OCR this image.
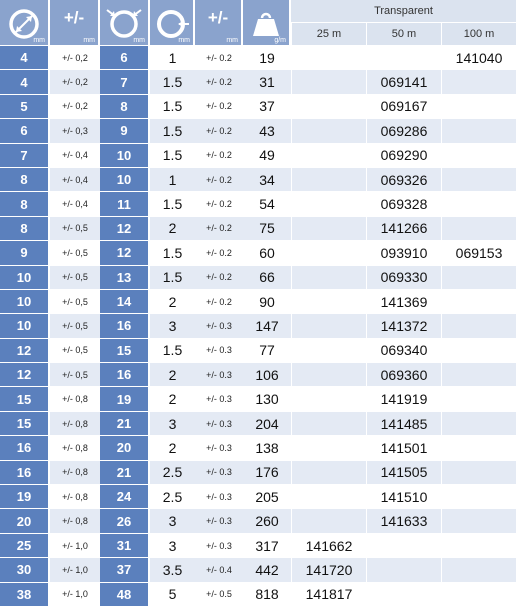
mm	+/-
mm	mm	mm	+/-
mm	g/m	Transparent		
						25 m	50 m	100 m
4	+/- 0,2	6	1	+/- 0.2	19			141040
4	+/- 0,2	7	1.5	+/- 0.2	31		069141	
5	+/- 0,2	8	1.5	+/- 0.2	37		069167	
6	+/- 0,3	9	1.5	+/- 0.2	43		069286	
7	+/- 0,4	10	1.5	+/- 0.2	49		069290	
8	+/- 0,4	10	1	+/- 0.2	34		069326	
8	+/- 0,4	11	1.5	+/- 0.2	54		069328	
8	+/- 0,5	12	2	+/- 0.2	75		141266	
9	+/- 0,5	12	1.5	+/- 0.2	60		093910	069153
10	+/- 0,5	13	1.5	+/- 0.2	66		069330	
10	+/- 0,5	14	2	+/- 0.2	90		141369	
10	+/- 0,5	16	3	+/- 0.3	147		141372	
12	+/- 0,5	15	1.5	+/- 0.3	77		069340	
12	+/- 0,5	16	2	+/- 0.3	106		069360	
15	+/- 0,8	19	2	+/- 0.3	130		141919	
15	+/- 0,8	21	3	+/- 0.3	204		141485	
16	+/- 0,8	20	2	+/- 0.3	138		141501	
16	+/- 0,8	21	2.5	+/- 0.3	176		141505	
19	+/- 0,8	24	2.5	+/- 0.3	205		141510	
20	+/- 0,8	26	3	+/- 0.3	260		141633	
25	+/- 1,0	31	3	+/- 0.3	317	141662		
30	+/- 1,0	37	3.5	+/- 0.4	442	141720		
38	+/- 1,0	48	5	+/- 0.5	818	141817		
